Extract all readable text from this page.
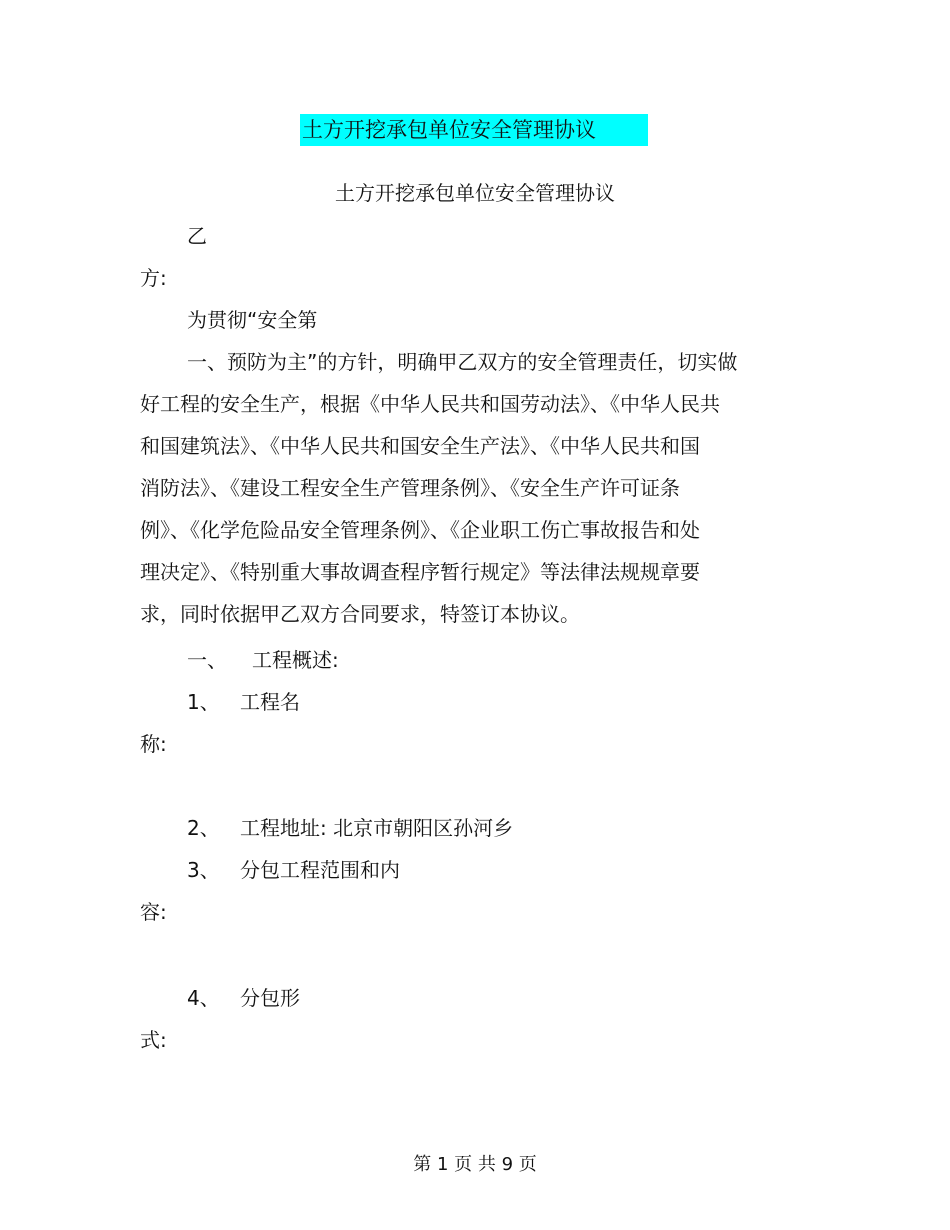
土方开挖承包单位安全管理协议
土方开挖承包单位安全管理协议
乙
方:
为贯彻“安全第
一、预防为主”的方针，明确甲乙双方的安全管理责任，切实做
好工程的安全生产，根据《中华人民共和国劳动法》、《中华人民共
和国建筑法》、《中华人民共和国安全生产法》、《中华人民共和国
消防法》、《建设工程安全生产管理条例》、《安全生产许可证条
例》、《化学危险品安全管理条例》、《企业职工伤亡事故报告和处
理决定》、《特别重大事故调查程序暂行规定》等法律法规规章要
求，同时依据甲乙双方合同要求，特签订本协议。
一、 工程概述:
1、 工程名
称:
2、 工程地址: 北京市朝阳区孙河乡
3、 分包工程范围和内
容:
4、 分包形
式:
第 1 页 共 9 页
